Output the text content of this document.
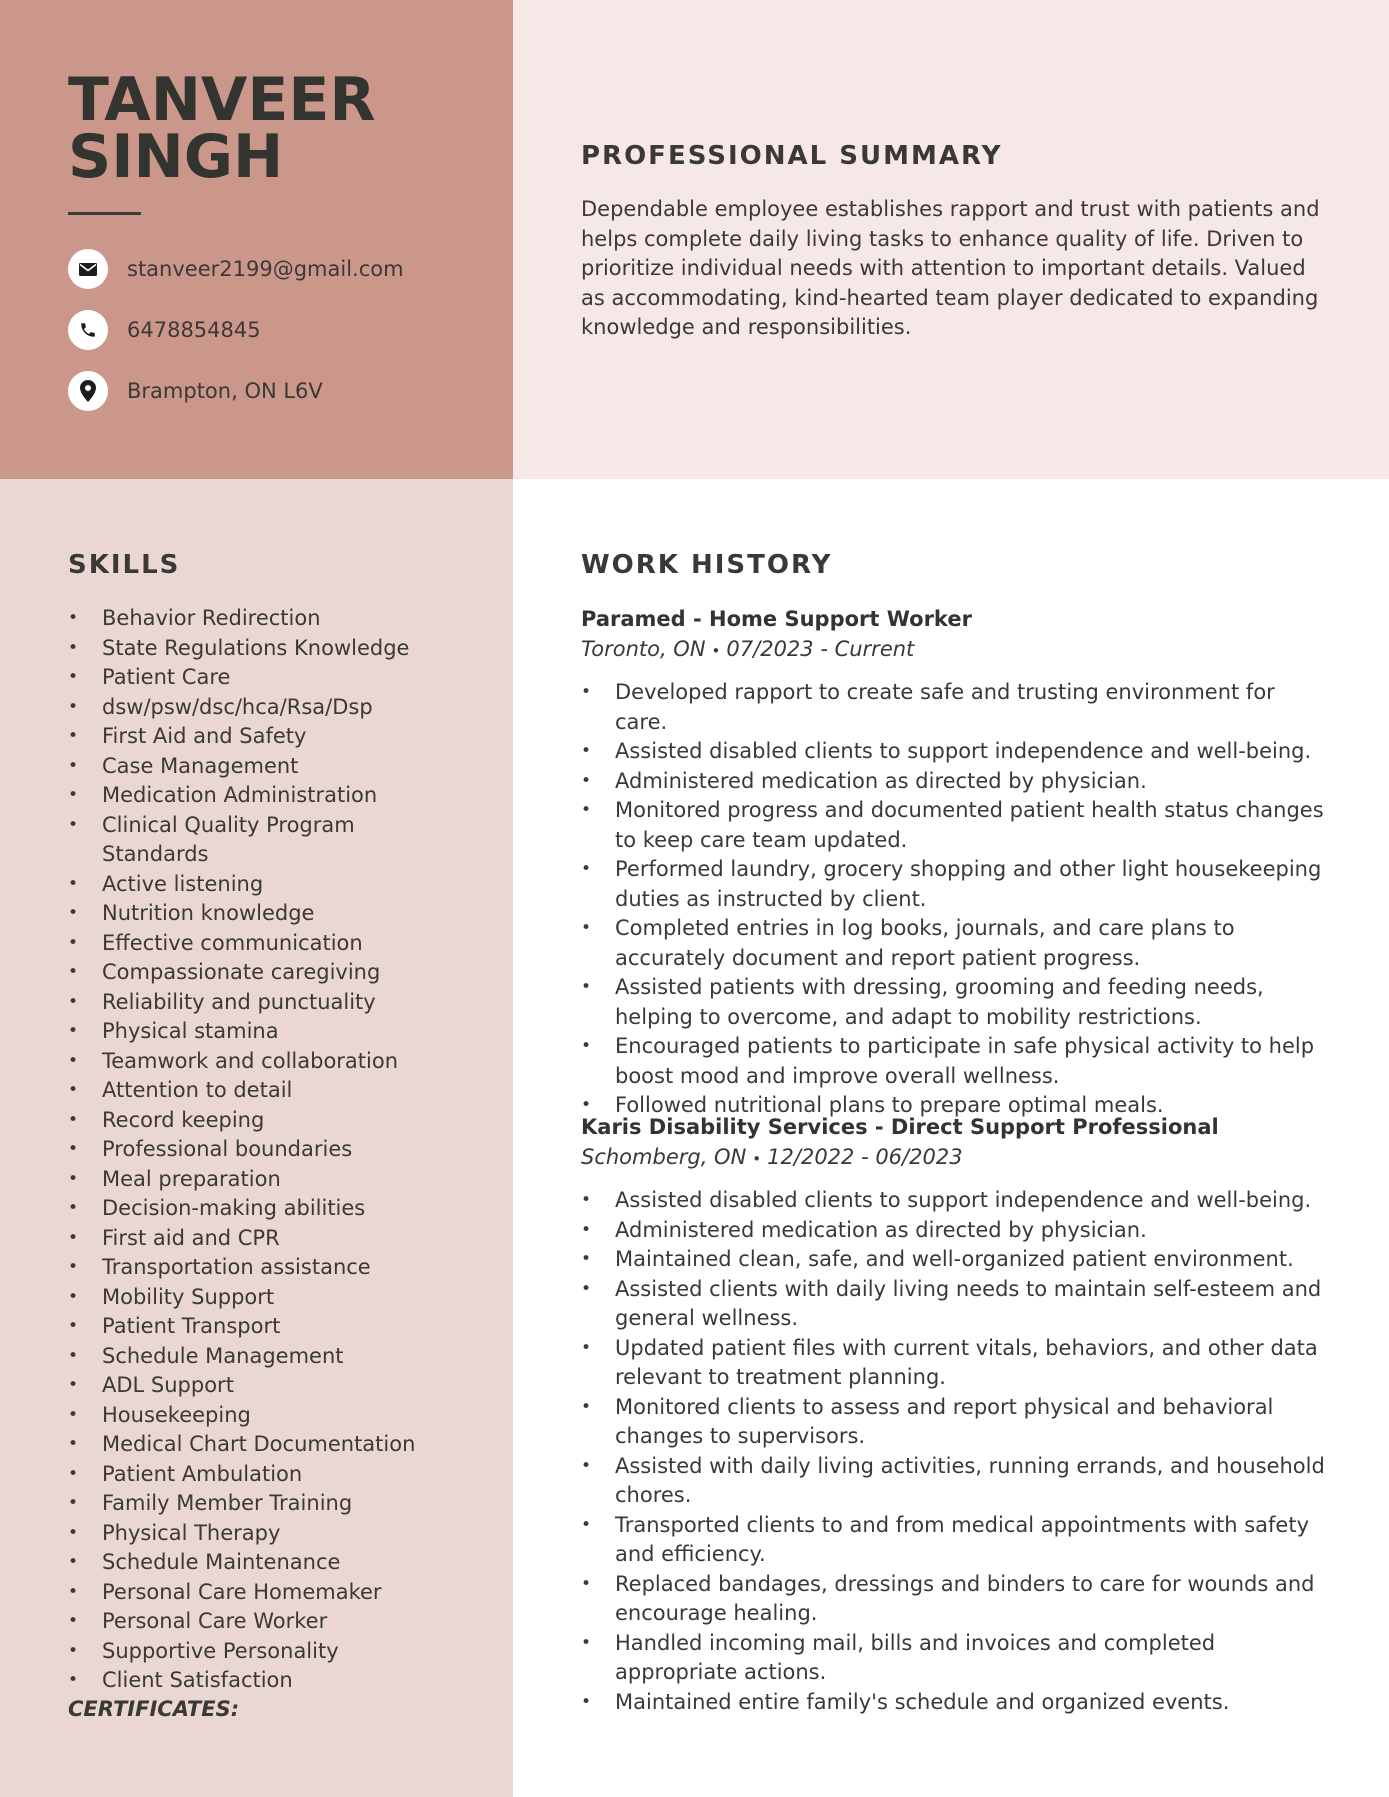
TANVEER
SINGH
stanveer2199@gmail.com
6478854845
Brampton, ON L6V
PROFESSIONAL SUMMARY

Dependable employee establishes rapport and trust with patients and helps complete daily living tasks to enhance quality of life. Driven to prioritize individual needs with attention to important details. Valued as accommodating, kind-hearted team player dedicated to expanding knowledge and responsibilities.

SKILLS
• Behavior Redirection
• State Regulations Knowledge
• Patient Care
• dsw/psw/dsc/hca/Rsa/Dsp
• First Aid and Safety
• Case Management
• Medication Administration
• Clinical Quality Program Standards
• Active listening
• Nutrition knowledge
• Effective communication
• Compassionate caregiving
• Reliability and punctuality
• Physical stamina
• Teamwork and collaboration
• Attention to detail
• Record keeping
• Professional boundaries
• Meal preparation
• Decision-making abilities
• First aid and CPR
• Transportation assistance
• Mobility Support
• Patient Transport
• Schedule Management
• ADL Support
• Housekeeping
• Medical Chart Documentation
• Patient Ambulation
• Family Member Training
• Physical Therapy
• Schedule Maintenance
• Personal Care Homemaker
• Personal Care Worker
• Supportive Personality
• Client Satisfaction
CERTIFICATES:
WORK HISTORY
Paramed - Home Support Worker
Toronto, ON • 07/2023 - Current
• Developed rapport to create safe and trusting environment for care.
• Assisted disabled clients to support independence and well-being.
• Administered medication as directed by physician.
• Monitored progress and documented patient health status changes to keep care team updated.
• Performed laundry, grocery shopping and other light housekeeping duties as instructed by client.
• Completed entries in log books, journals, and care plans to accurately document and report patient progress.
• Assisted patients with dressing, grooming and feeding needs, helping to overcome, and adapt to mobility restrictions.
• Encouraged patients to participate in safe physical activity to help boost mood and improve overall wellness.
• Followed nutritional plans to prepare optimal meals.
Karis Disability Services - Direct Support Professional
Schomberg, ON • 12/2022 - 06/2023
• Assisted disabled clients to support independence and well-being.
• Administered medication as directed by physician.
• Maintained clean, safe, and well-organized patient environment.
• Assisted clients with daily living needs to maintain self-esteem and general wellness.
• Updated patient files with current vitals, behaviors, and other data relevant to treatment planning.
• Monitored clients to assess and report physical and behavioral changes to supervisors.
• Assisted with daily living activities, running errands, and household chores.
• Transported clients to and from medical appointments with safety and efficiency.
• Replaced bandages, dressings and binders to care for wounds and encourage healing.
• Handled incoming mail, bills and invoices and completed appropriate actions.
• Maintained entire family's schedule and organized events.
